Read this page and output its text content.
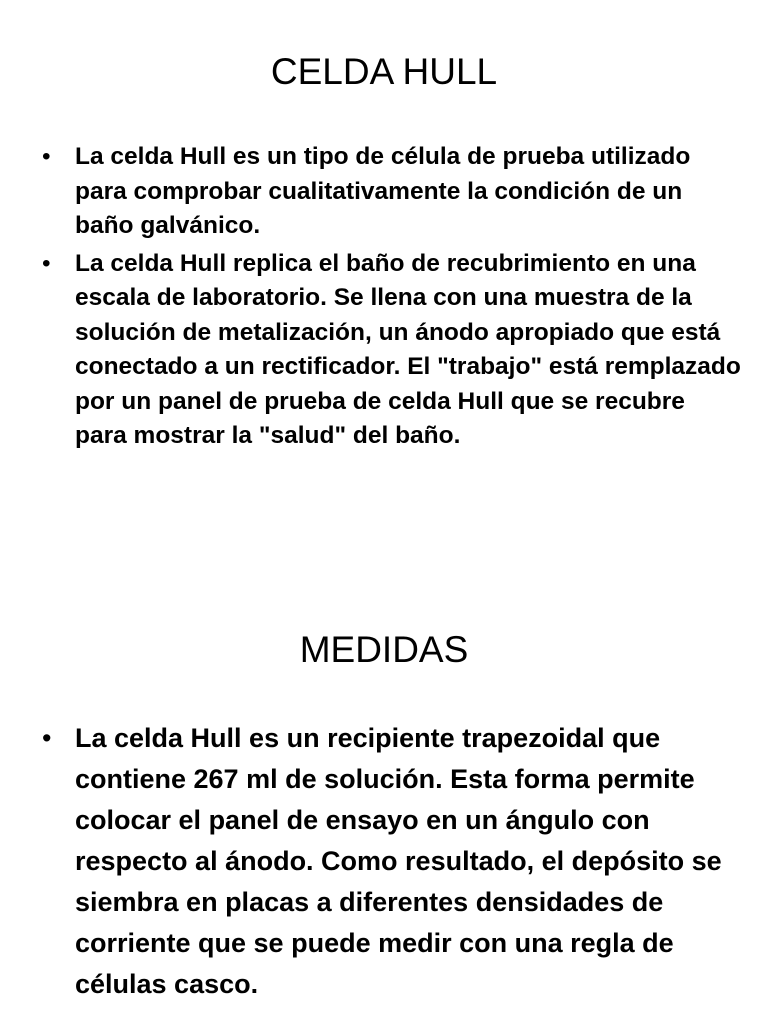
CELDA HULL
• La celda Hull es un tipo de célula de prueba utilizado para comprobar cualitativamente la condición de un baño galvánico.
• La celda Hull replica el baño de recubrimiento en una escala de laboratorio. Se llena con una muestra de la solución de metalización, un ánodo apropiado que está conectado a un rectificador. El "trabajo" está remplazado por un panel de prueba de celda Hull que se recubre para mostrar la "salud" del baño.
MEDIDAS
• La celda Hull es un recipiente trapezoidal que contiene 267 ml de solución. Esta forma permite colocar el panel de ensayo en un ángulo con respecto al ánodo. Como resultado, el depósito se siembra en placas a diferentes densidades de corriente que se puede medir con una regla de células casco.
